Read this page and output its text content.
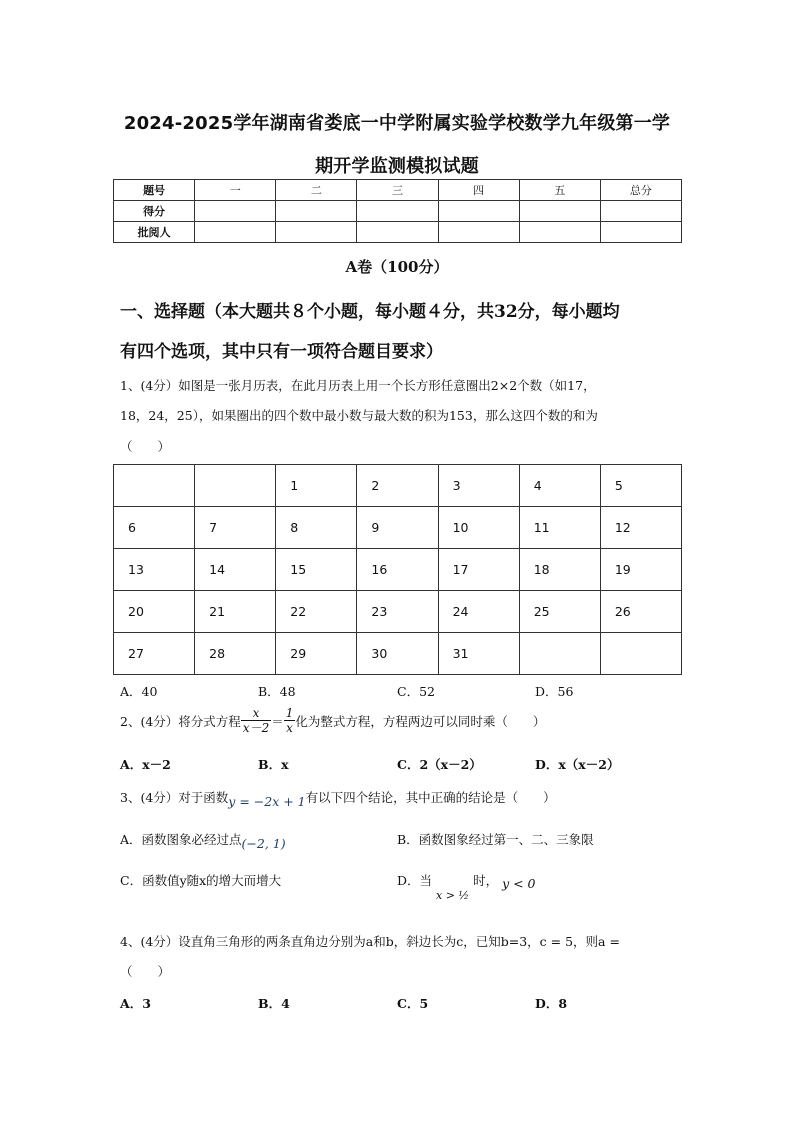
2024-2025学年湖南省娄底一中学附属实验学校数学九年级第一学
期开学监测模拟试题
题号	一	二	三	四	五	总分
得分						
批阅人						
A卷（100分）
一、选择题（本大题共８个小题，每小题４分，共32分，每小题均
有四个选项，其中只有一项符合题目要求）
1、(4分）如图是一张月历表，在此月历表上用一个长方形任意圈出2×2个数（如17，
18，24，25），如果圈出的四个数中最小数与最大数的积为153，那么这四个数的和为
（　　）
		1	2	3	4	5
6	7	8	9	10	11	12
13	14	15	16	17	18	19
20	21	22	23	24	25	26
27	28	29	30	31		
A．40	B．48	C．52	D．56
2、(4分）将分式方程 $\frac{x}{x-2} = \frac{1}{x}$ 化为整式方程，方程两边可以同时乘（　　）
A．x－2	B．x	C．2（x－2）	D．x（x－2）
3、(4分）对于函数y = −2x + 1有以下四个结论，其中正确的结论是（　　）
A．函数图象必经过点(−2, 1)	B．函数图象经过第一、二、三象限
C．函数值y随x的增大而增大	D．当 x > ½ 时， y < 0
4、(4分）设直角三角形的两条直角边分别为a和b，斜边长为c，已知b=3，c = 5，则a =
（　　）
A．3	B．4	C．5	D．8
